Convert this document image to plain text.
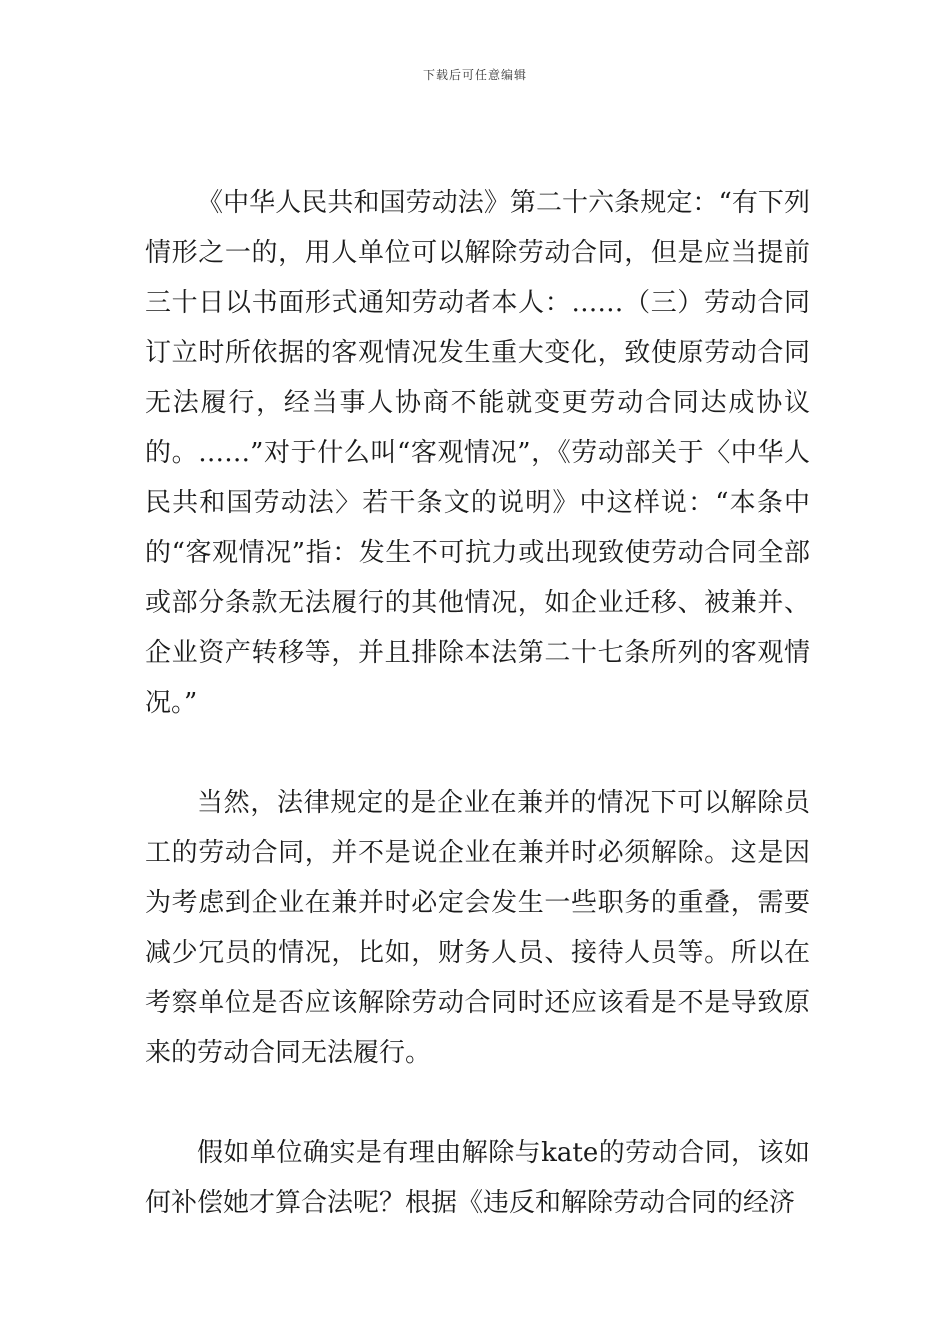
下载后可任意编辑

《中华人民共和国劳动法》第二十六条规定：“有下列情形之一的，用人单位可以解除劳动合同，但是应当提前三十日以书面形式通知劳动者本人：……（三）劳动合同订立时所依据的客观情况发生重大变化，致使原劳动合同无法履行，经当事人协商不能就变更劳动合同达成协议的。……”对于什么叫“客观情况”，《劳动部关于〈中华人民共和国劳动法〉若干条文的说明》中这样说：“本条中的“客观情况”指：发生不可抗力或出现致使劳动合同全部或部分条款无法履行的其他情况，如企业迁移、被兼并、企业资产转移等，并且排除本法第二十七条所列的客观情况。”

当然，法律规定的是企业在兼并的情况下可以解除员工的劳动合同，并不是说企业在兼并时必须解除。这是因为考虑到企业在兼并时必定会发生一些职务的重叠，需要减少冗员的情况，比如，财务人员、接待人员等。所以在考察单位是否应该解除劳动合同时还应该看是不是导致原来的劳动合同无法履行。

假如单位确实是有理由解除与kate的劳动合同，该如何补偿她才算合法呢？根据《违反和解除劳动合同的经济
